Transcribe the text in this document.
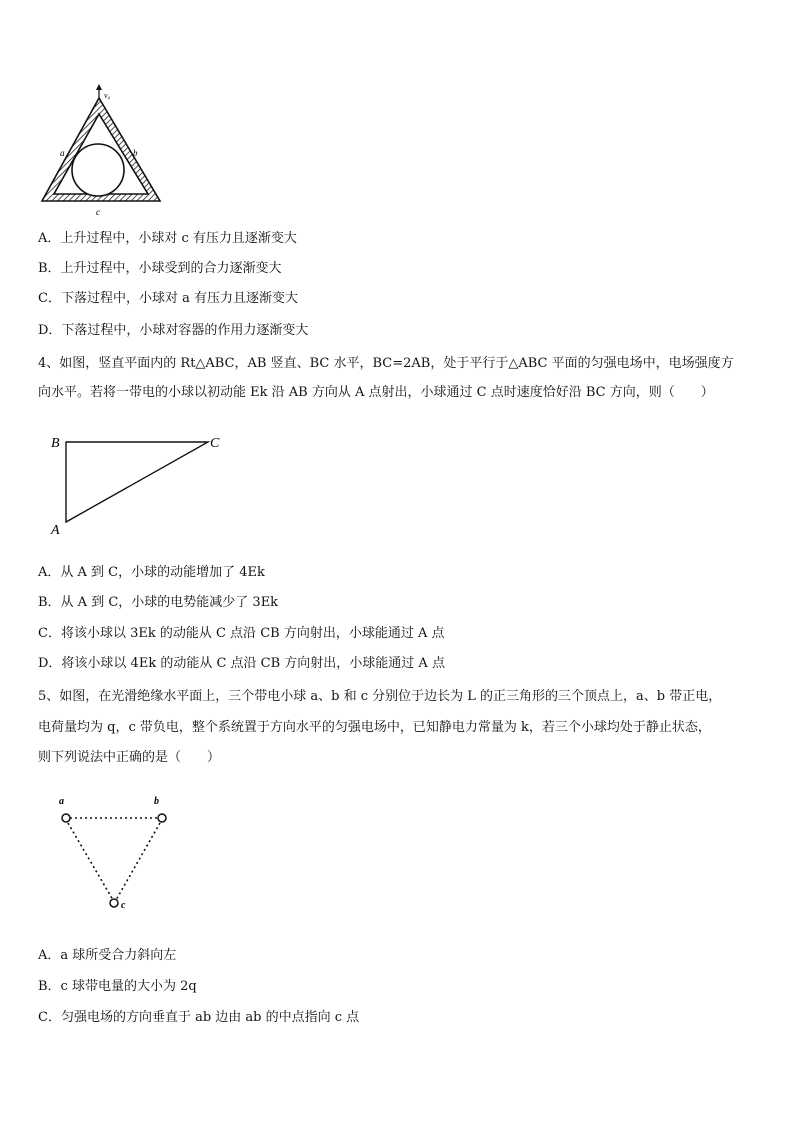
v₀
a	b
c
A．上升过程中，小球对 c 有压力且逐渐变大
B．上升过程中，小球受到的合力逐渐变大
C．下落过程中，小球对 a 有压力且逐渐变大
D．下落过程中，小球对容器的作用力逐渐变大
4、如图，竖直平面内的 Rt△ABC，AB 竖直、BC 水平，BC=2AB，处于平行于△ABC 平面的匀强电场中，电场强度方
向水平。若将一带电的小球以初动能 Ek 沿 AB 方向从 A 点射出，小球通过 C 点时速度恰好沿 BC 方向，则（　　）
B	C
A
A．从 A 到 C，小球的动能增加了 4Ek
B．从 A 到 C，小球的电势能减少了 3Ek
C．将该小球以 3Ek 的动能从 C 点沿 CB 方向射出，小球能通过 A 点
D．将该小球以 4Ek 的动能从 C 点沿 CB 方向射出，小球能通过 A 点
5、如图，在光滑绝缘水平面上，三个带电小球 a、b 和 c 分别位于边长为 L 的正三角形的三个顶点上，a、b 带正电，
电荷量均为 q，c 带负电，整个系统置于方向水平的匀强电场中，已知静电力常量为 k，若三个小球均处于静止状态，
则下列说法中正确的是（　　）
a	b
c
A．a 球所受合力斜向左
B．c 球带电量的大小为 2q
C．匀强电场的方向垂直于 ab 边由 ab 的中点指向 c 点
